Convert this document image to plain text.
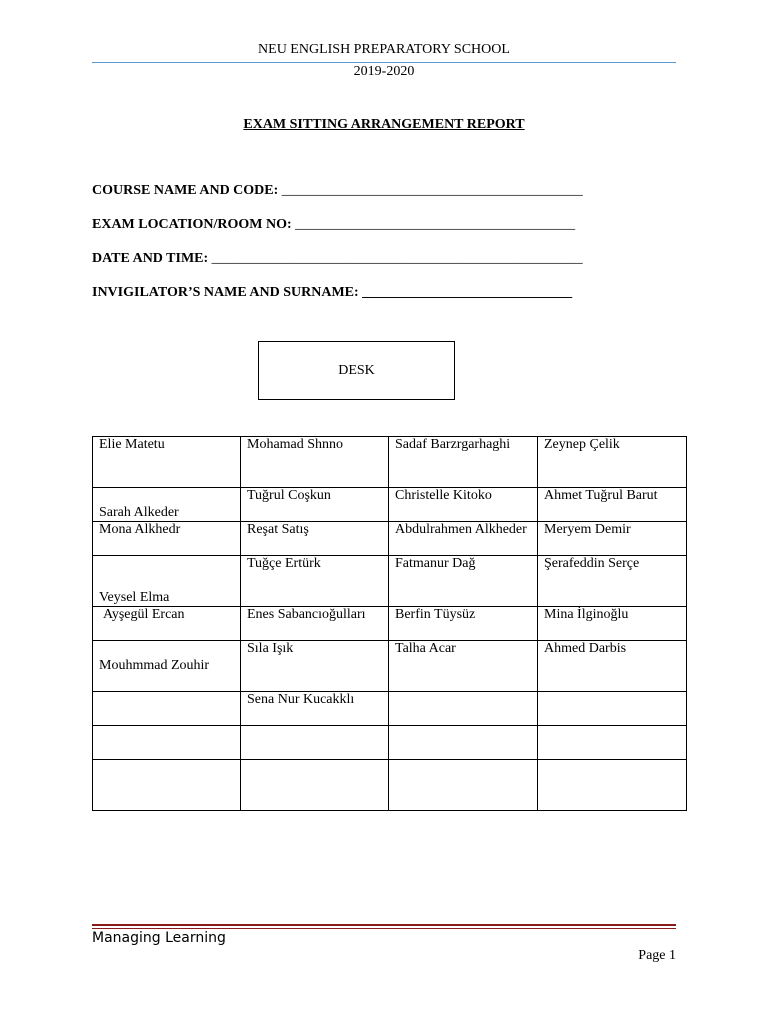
NEU ENGLISH PREPARATORY SCHOOL
2019-2020
EXAM SITTING ARRANGEMENT REPORT
COURSE NAME AND CODE: ___________________________________________
EXAM LOCATION/ROOM NO: ________________________________________
DATE AND TIME: _____________________________________________________
INVIGILATOR’S NAME AND SURNAME: ______________________________
DESK
Elie Matetu	Mohamad Shnno	Sadaf Barzrgarhaghi	Zeynep Çelik
Sarah Alkeder	Tuğrul Coşkun	Christelle Kitoko	Ahmet Tuğrul Barut
Mona Alkhedr	Reşat Satış	Abdulrahmen Alkheder	Meryem Demir
Veysel Elma	Tuğçe Ertürk	Fatmanur Dağ	Şerafeddin Serçe
Ayşegül Ercan	Enes Sabancıoğulları	Berfin Tüysüz	Mina İlginoğlu
Mouhmmad Zouhir	Sıla Işık	Talha Acar	Ahmed Darbis
	Sena Nur Kucakklı		

Managing Learning
Page 1
